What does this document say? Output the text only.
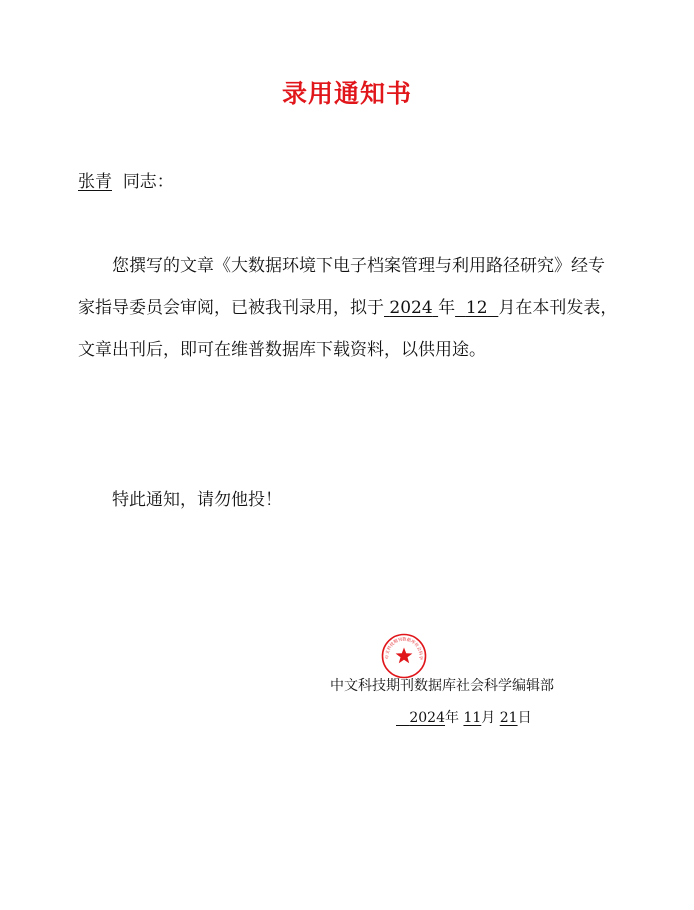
录用通知书
张青 同志：

您撰写的文章《大数据环境下电子档案管理与利用路径研究》经专家指导委员会审阅，已被我刊录用，拟于 2024 年 12 月在本刊发表，文章出刊后，即可在维普数据库下载资料，以供用途。

特此通知，请勿他投！
中文科技期刊数据库社会科学
中文科技期刊数据库社会科学编辑部
2024年 11月 21日
